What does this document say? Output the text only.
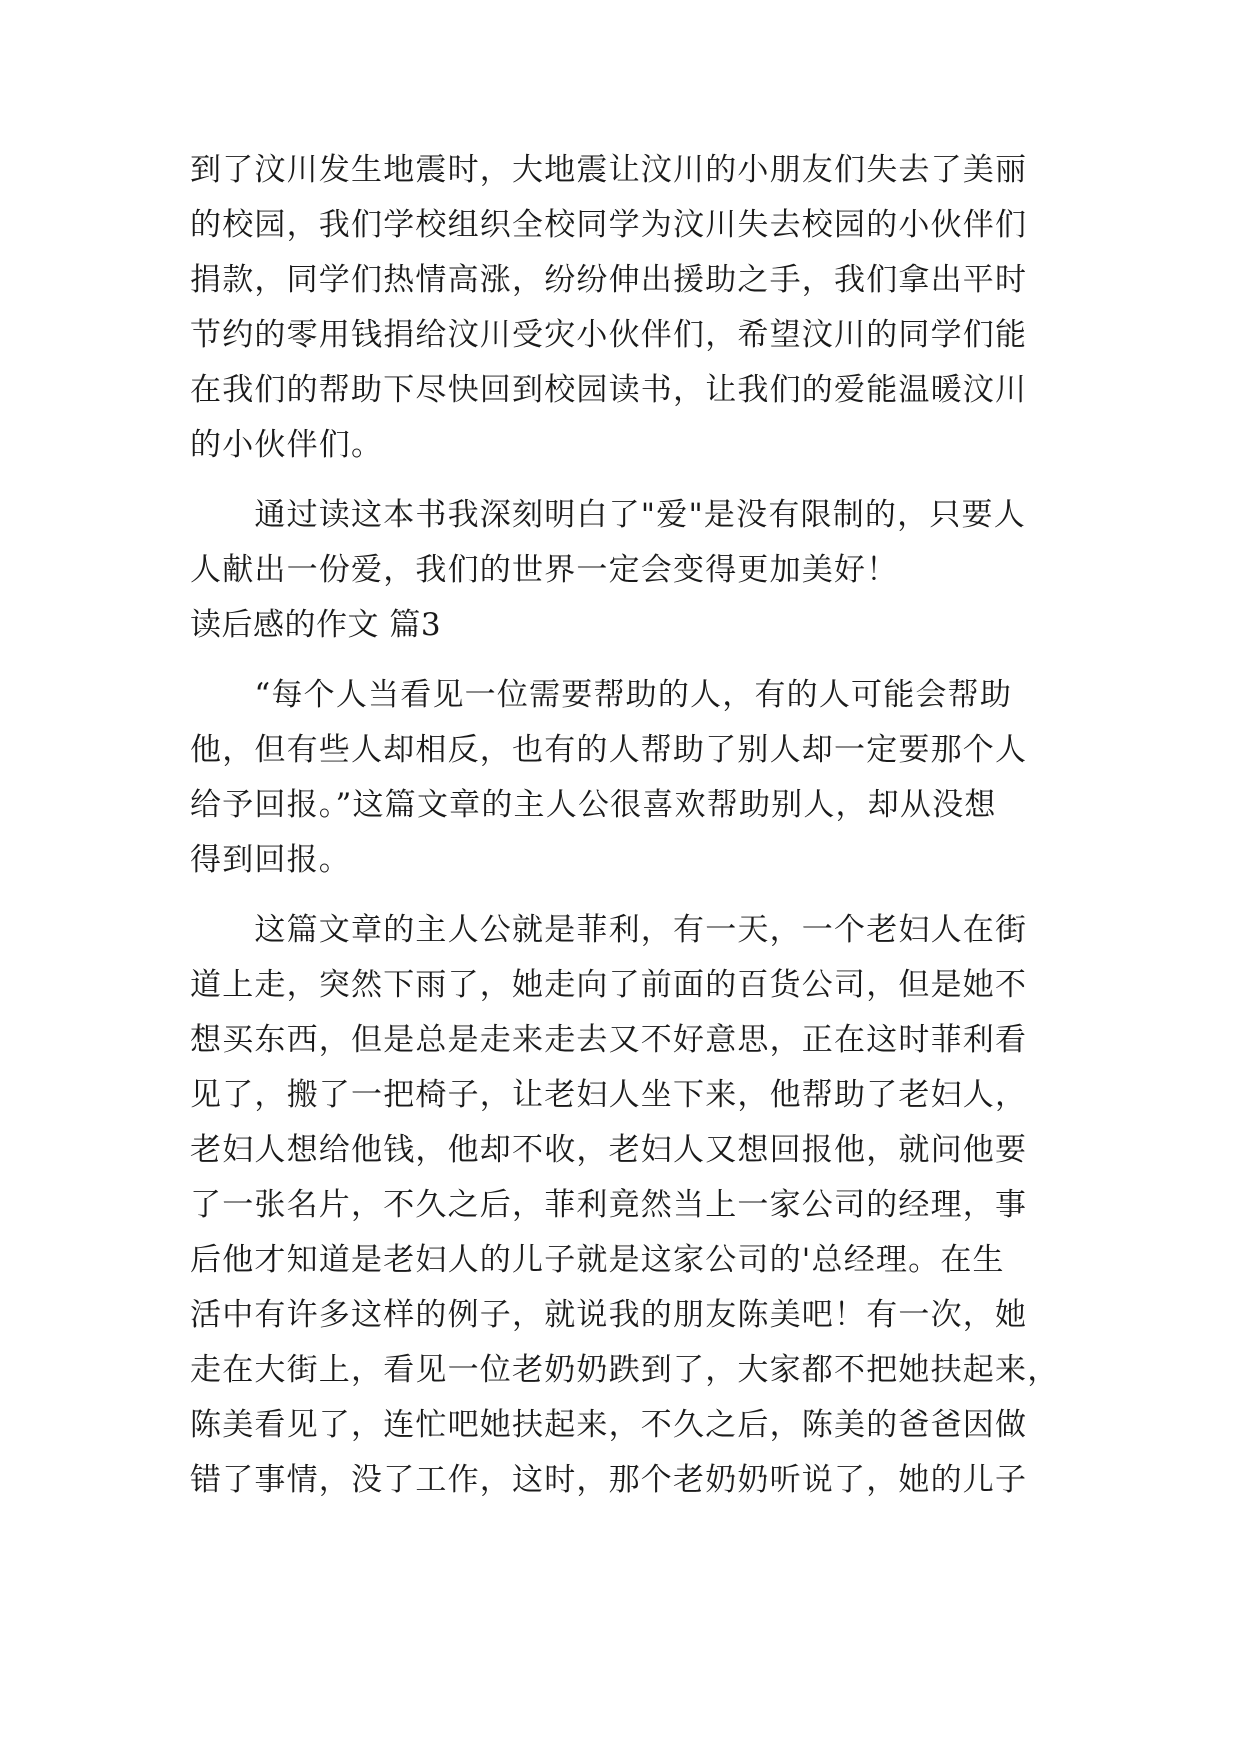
到了汶川发生地震时，大地震让汶川的小朋友们失去了美丽
的校园，我们学校组织全校同学为汶川失去校园的小伙伴们
捐款，同学们热情高涨，纷纷伸出援助之手，我们拿出平时
节约的零用钱捐给汶川受灾小伙伴们，希望汶川的同学们能
在我们的帮助下尽快回到校园读书，让我们的爱能温暖汶川
的小伙伴们。
　　通过读这本书我深刻明白了"爱"是没有限制的，只要人
人献出一份爱，我们的世界一定会变得更加美好！
读后感的作文 篇3
　　“每个人当看见一位需要帮助的人，有的人可能会帮助
他，但有些人却相反，也有的人帮助了别人却一定要那个人
给予回报。”这篇文章的主人公很喜欢帮助别人，却从没想
得到回报。
　　这篇文章的主人公就是菲利，有一天，一个老妇人在街
道上走，突然下雨了，她走向了前面的百货公司，但是她不
想买东西，但是总是走来走去又不好意思，正在这时菲利看
见了，搬了一把椅子，让老妇人坐下来，他帮助了老妇人，
老妇人想给他钱，他却不收，老妇人又想回报他，就问他要
了一张名片，不久之后，菲利竟然当上一家公司的经理，事
后他才知道是老妇人的儿子就是这家公司的'总经理。在生
活中有许多这样的例子，就说我的朋友陈美吧！有一次，她
走在大街上，看见一位老奶奶跌到了，大家都不把她扶起来，
陈美看见了，连忙吧她扶起来，不久之后，陈美的爸爸因做
错了事情，没了工作，这时，那个老奶奶听说了，她的儿子
